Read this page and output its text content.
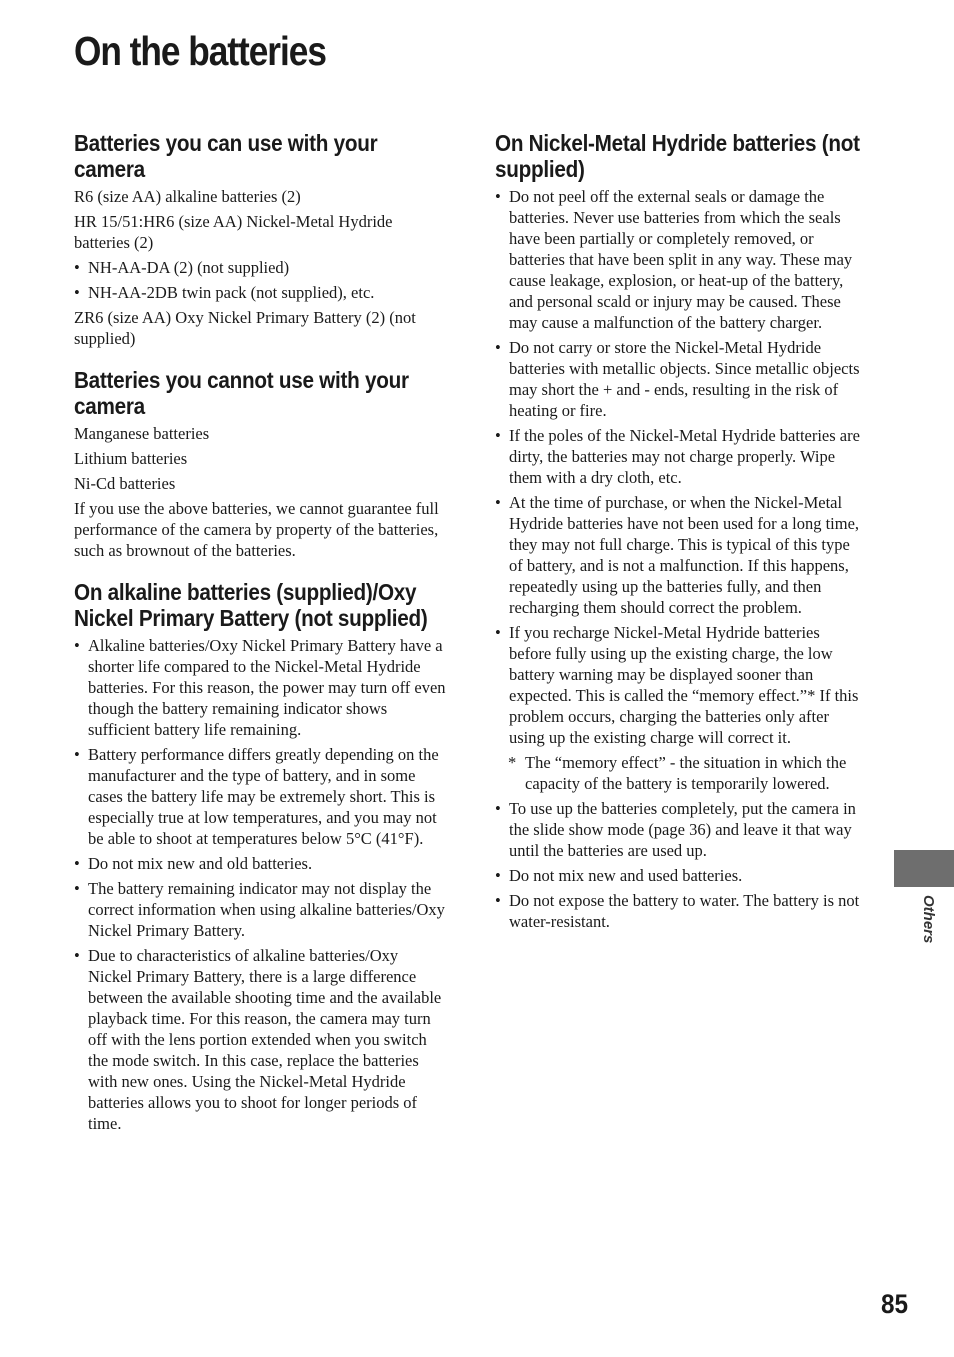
On the batteries
Batteries you can use with your camera

R6 (size AA) alkaline batteries (2)

HR 15/51:HR6 (size AA) Nickel-Metal Hydride batteries (2)

• NH-AA-DA (2) (not supplied)
• NH-AA-2DB twin pack (not supplied), etc.

ZR6 (size AA) Oxy Nickel Primary Battery (2) (not supplied)

Batteries you cannot use with your camera

Manganese batteries

Lithium batteries

Ni-Cd batteries

If you use the above batteries, we cannot guarantee full performance of the camera by property of the batteries, such as brownout of the batteries.

On alkaline batteries (supplied)/Oxy Nickel Primary Battery (not supplied)
• Alkaline batteries/Oxy Nickel Primary Battery have a shorter life compared to the Nickel-Metal Hydride batteries. For this reason, the power may turn off even though the battery remaining indicator shows sufficient battery life remaining.
• Battery performance differs greatly depending on the manufacturer and the type of battery, and in some cases the battery life may be extremely short. This is especially true at low temperatures, and you may not be able to shoot at temperatures below 5°C (41°F).
• Do not mix new and old batteries.
• The battery remaining indicator may not display the correct information when using alkaline batteries/Oxy Nickel Primary Battery.
• Due to characteristics of alkaline batteries/Oxy Nickel Primary Battery, there is a large difference between the available shooting time and the available playback time. For this reason, the camera may turn off with the lens portion extended when you switch the mode switch. In this case, replace the batteries with new ones. Using the Nickel-Metal Hydride batteries allows you to shoot for longer periods of time.
On Nickel-Metal Hydride batteries (not supplied)
• Do not peel off the external seals or damage the batteries. Never use batteries from which the seals have been partially or completely removed, or batteries that have been split in any way. These may cause leakage, explosion, or heat-up of the battery, and personal scald or injury may be caused. These may cause a malfunction of the battery charger.
• Do not carry or store the Nickel-Metal Hydride batteries with metallic objects. Since metallic objects may short the + and - ends, resulting in the risk of heating or fire.
• If the poles of the Nickel-Metal Hydride batteries are dirty, the batteries may not charge properly. Wipe them with a dry cloth, etc.
• At the time of purchase, or when the Nickel-Metal Hydride batteries have not been used for a long time, they may not full charge. This is typical of this type of battery, and is not a malfunction. If this happens, repeatedly using up the batteries fully, and then recharging them should correct the problem.
• If you recharge Nickel-Metal Hydride batteries before fully using up the existing charge, the low battery warning may be displayed sooner than expected. This is called the “memory effect.”* If this problem occurs, charging the batteries only after using up the existing charge will correct it.
* The “memory effect” - the situation in which the capacity of the battery is temporarily lowered.
• To use up the batteries completely, put the camera in the slide show mode (page 36) and leave it that way until the batteries are used up.
• Do not mix new and used batteries.
• Do not expose the battery to water. The battery is not water-resistant.	Others
85
